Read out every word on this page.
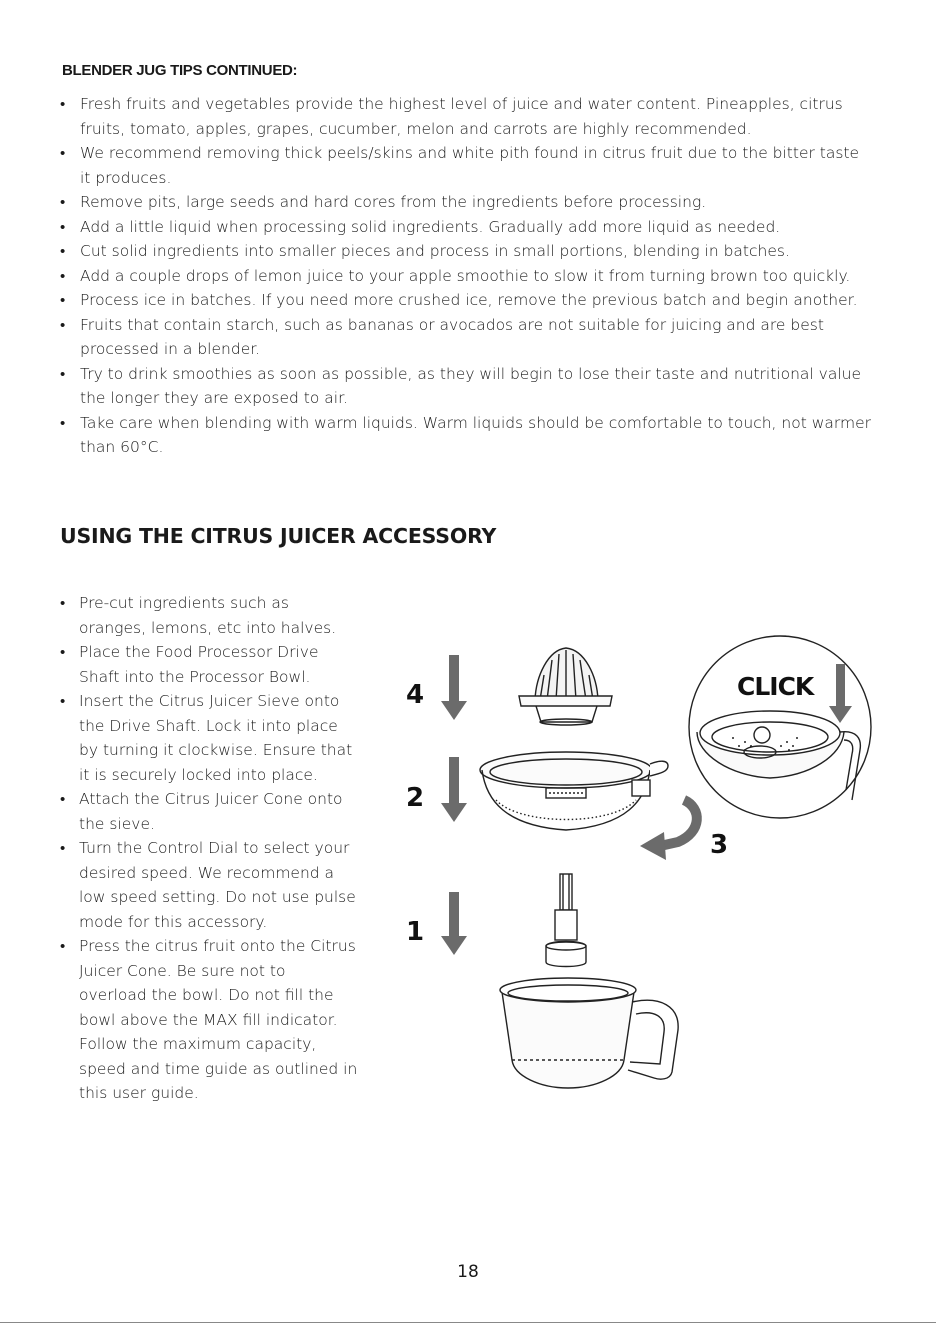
BLENDER JUG TIPS CONTINUED:
• Fresh fruits and vegetables provide the highest level of juice and water content. Pineapples, citrus fruits, tomato, apples, grapes, cucumber, melon and carrots are highly recommended.
• We recommend removing thick peels/skins and white pith found in citrus fruit due to the bitter taste it produces.
• Remove pits, large seeds and hard cores from the ingredients before processing.
• Add a little liquid when processing solid ingredients. Gradually add more liquid as needed.
• Cut solid ingredients into smaller pieces and process in small portions, blending in batches.
• Add a couple drops of lemon juice to your apple smoothie to slow it from turning brown too quickly.
• Process ice in batches. If you need more crushed ice, remove the previous batch and begin another.
• Fruits that contain starch, such as bananas or avocados are not suitable for juicing and are best processed in a blender.
• Try to drink smoothies as soon as possible, as they will begin to lose their taste and nutritional value the longer they are exposed to air.
• Take care when blending with warm liquids. Warm liquids should be comfortable to touch, not warmer than 60°C.
USING THE CITRUS JUICER ACCESSORY
• Pre-cut ingredients such as oranges, lemons, etc into halves.
• Place the Food Processor Drive Shaft into the Processor Bowl.
• Insert the Citrus Juicer Sieve onto the Drive Shaft. Lock it into place by turning it clockwise. Ensure that it is securely locked into place.
• Attach the Citrus Juicer Cone onto the sieve.
• Turn the Control Dial to select your desired speed. We recommend a low speed setting. Do not use pulse mode for this accessory.
• Press the citrus fruit onto the Citrus Juicer Cone. Be sure not to overload the bowl. Do not fill the bowl above the MAX fill indicator. Follow the maximum capacity, speed and time guide as outlined in this user guide.
4
2
3
CLICK
1
18
